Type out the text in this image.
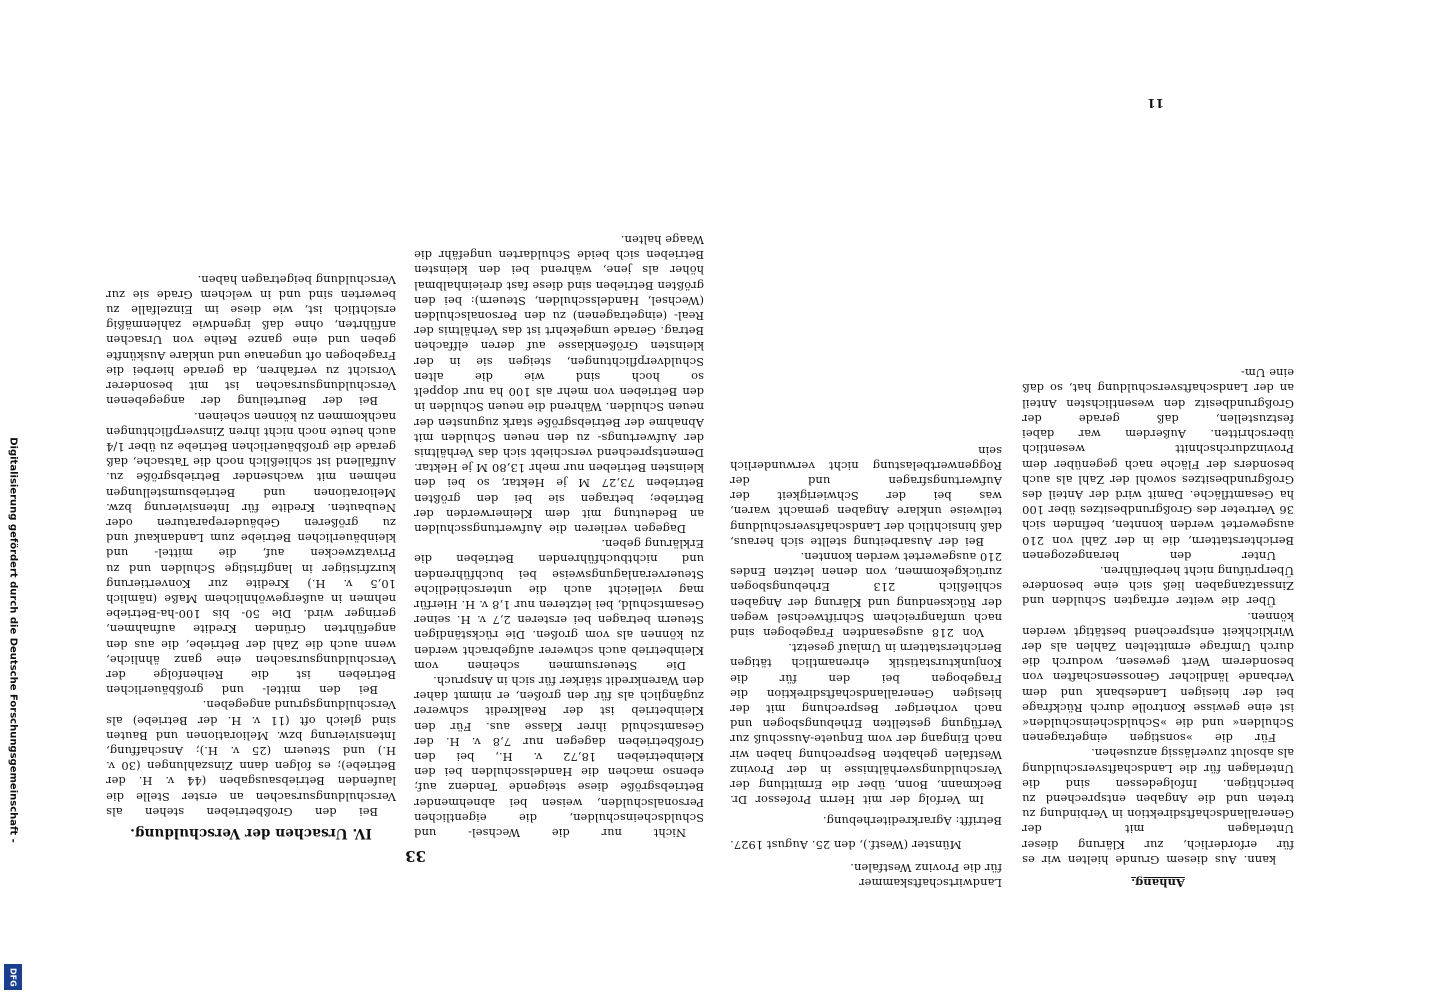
33

Nicht nur die Wechsel- und Schuldscheinschulden, die eigentlichen Personalschulden, weisen bei abnehmender Betriebsgröße diese steigende Tendenz auf; ebenso machen die Handelsschulden bei den Kleinbetrieben 18,72 v. H., bei den Großbetrieben dagegen nur 7,8 v. H. der Gesamtschuld ihrer Klasse aus. Für den Kleinbetrieb ist der Realkredit schwerer zugänglich als für den großen, er nimmt daher den Warenkredit stärker für sich in Anspruch.

Die Steuersummen scheinen vom Kleinbetrieb auch schwerer aufgebracht werden zu können als vom großen. Die rückständigen Steuern betragen bei ersteren 2,7 v. H. seiner Gesamtschuld, bei letzteren nur 1,8 v. H. Hierfür mag vielleicht auch die unterschiedliche Steuerveranlagungsweise bei buchführenden und nichtbuchführenden Betrieben die Erklärung geben.

Dagegen verlieren die Aufwertungsschulden an Bedeutung mit dem Kleinerwerden der Betriebe; betragen sie bei den größten Betrieben 73,27 M je Hektar, so bei den kleinsten Betrieben nur mehr 13,80 M je Hektar. Dementsprechend verschiebt sich das Verhältnis der Aufwertungs- zu den neuen Schulden mit Abnahme der Betriebsgröße stark zugunsten der neuen Schulden. Während die neuen Schulden in den Betrieben von mehr als 100 ha nur doppelt so hoch sind wie die alten Schuldverpflichtungen, steigen sie in der kleinsten Größenklasse auf deren elffachen Betrag. Gerade umgekehrt ist das Verhältnis der Real- (eingetragenen) zu den Personalschulden (Wechsel, Handelsschulden, Steuern): bei den größten Betrieben sind diese fast dreieinhalbmal höher als jene, während bei den kleinsten Betrieben sich beide Schuldarten ungefähr die Waage halten.

IV. Ursachen der Verschuldung.

Bei den Großbetrieben stehen als Verschuldungsursachen an erster Stelle die laufenden Betriebsausgaben (44 v. H. der Betriebe); es folgen dann Zinszahlungen (30 v. H.) und Steuern (25 v. H.); Anschaffung, Intensivierung bzw. Meliorationen und Bauten sind gleich oft (11 v. H. der Betriebe) als Verschuldungsgrund angegeben.

Bei den mittel- und großbäuerlichen Betrieben ist die Reihenfolge der Verschuldungsursachen eine ganz ähnliche, wenn auch die Zahl der Betriebe, die aus den angeführten Gründen Kredite aufnahmen, geringer wird. Die 50- bis 100-ha-Betriebe nehmen in außergewöhnlichem Maße (nämlich 10,5 v. H.) Kredite zur Konvertierung kurzfristiger in langfristige Schulden und zu Privatzwecken auf, die mittel- und kleinbäuerlichen Betriebe zum Landankauf und zu größeren Gebäudereparaturen oder Neubauten. Kredite für Intensivierung bzw. Meliorationen und Betriebsumstellungen nehmen mit wachsender Betriebsgröße zu. Auffallend ist schließlich noch die Tatsache, daß gerade die großbäuerlichen Betriebe zu über 1/4 auch heute noch nicht ihren Zinsverpflichtungen nachkommen zu können scheinen.

Bei der Beurteilung der angegebenen Verschuldungsursachen ist mit besonderer Vorsicht zu verfahren, da gerade hierbei die Fragebogen oft ungenaue und unklare Auskünfte geben und eine ganze Reihe von Ursachen anführten, ohne daß irgendwie zahlenmäßig ersichtlich ist, wie diese im Einzelfalle zu bewerten sind und in welchem Grade sie zur Verschuldung beigetragen haben.

Anhang.

kann. Aus diesem Grunde hielten wir es für erforderlich, zur Klärung dieser Unterlagen mit der Generallandschaftsdirektion in Verbindung zu treten und die Angaben entsprechend zu berichtigen. Infolgedessen sind die Unterlagen für die Landschaftsverschuldung als absolut zuverlässig anzusehen.

Für die »sonstigen eingetragenen Schulden« und die »Schuldscheinschulden« ist eine gewisse Kontrolle durch Rückfrage bei der hiesigen Landesbank und dem Verbande ländlicher Genossenschaften von besonderem Wert gewesen, wodurch die durch Umfrage ermittelten Zahlen als der Wirklichkeit entsprechend bestätigt werden können.

Über die weiter erfragten Schulden und Zinssatzangaben ließ sich eine besondere Überprüfung nicht herbeiführen.

Unter den herangezogenen Berichterstattern, die in der Zahl von 210 ausgewertet werden konnten, befinden sich 36 Vertreter des Großgrundbesitzes über 100 ha Gesamtfläche. Damit wird der Anteil des Großgrundbesitzes sowohl der Zahl als auch besonders der Fläche nach gegenüber dem Provinzdurchschnitt wesentlich überschritten. Außerdem war dabei festzustellen, daß gerade der Großgrundbesitz den wesentlichsten Anteil an der Landschaftsverschuldung hat, so daß eine Um-

Landwirtschaftskammer

für die Provinz Westfalen.

Münster (Westf.), den 25. August 1927.

Betrifft: Agrarkrediterhebung.

Im Verfolg der mit Herrn Professor Dr. Beckmann, Bonn, über die Ermittlung der Verschuldungsverhältnisse in der Provinz Westfalen gehabten Besprechung haben wir nach Eingang der vom Enquete-Ausschuß zur Verfügung gestellten Erhebungsbogen und nach vorheriger Besprechung mit der hiesigen Generallandschaftsdirektion die Fragebogen bei den für die Konjunkturstatistik ehrenamtlich tätigen Berichterstattern in Umlauf gesetzt.

Von 218 ausgesandten Fragebogen sind nach umfangreichem Schriftwechsel wegen der Rücksendung und Klärung der Angaben schließlich 213 Erhebungsbogen zurückgekommen, von denen letzten Endes 210 ausgewertet werden konnten.

Bei der Ausarbeitung stellte sich heraus, daß hinsichtlich der Landschaftsverschuldung teilweise unklare Angaben gemacht waren, was bei der Schwierigkeit der Aufwertungsfragen und der Roggenwertbelastung nicht verwunderlich sein

11
Digitalisierung gefördert durch die Deutsche Forschungsgemeinschaft -
DFG
